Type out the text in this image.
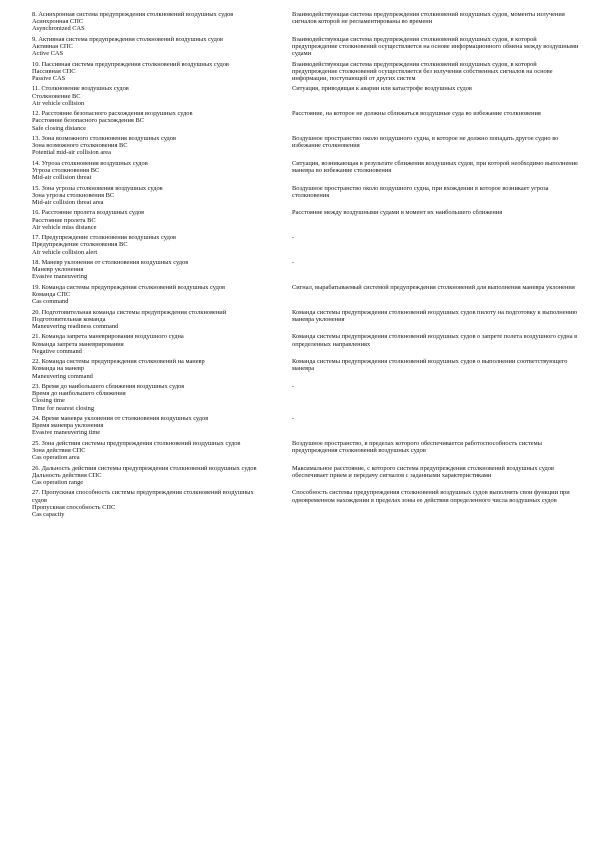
8. Асинхронная система предупреждения столкновений воздушных судов
Асинхронная СПС
Asynchronized CAS
Взаимодействующая система предупреждения столкновений воздушных судов, моменты излучения сигналов которой не регламентированы во времени
9. Активная система предупреждения столкновений воздушных судов
Активная СПС
Active CAS
Взаимодействующая система предупреждения столкновений воздушных судов, в которой предупреждение столкновений осуществляется на основе информационного обмена между воздушными судами
10. Пассивная система предупреждения столкновений воздушных судов
Пассивная СПС
Passive CAS
Взаимодействующая система предупреждения столкновений воздушных судов, в которой предупреждение столкновений осуществляется без излучения собственных сигналов на основе информации, поступающей от других систем
11. Столкновение воздушных судов
Столкновение ВС
Air vehicle collision
Ситуация, приводящая к аварии или катастрофе воздушных судов
12. Расстояние безопасного расхождения воздушных судов
Расстояние безопасного расхождения ВС
Safe closing distance
Расстояние, на которое не должны сближаться воздушные суда во избежание столкновения
13. Зона возможного столкновения воздушных судов
Зона возможного столкновения ВС
Potential mid-air collision area
Воздушное пространство около воздушного судна, в которое не должно попадать другое судно во избежание столкновения
14. Угроза столкновения воздушных судов
Угроза столкновения ВС
Mid-air collision threat
Ситуация, возникающая в результате сближения воздушных судов, при которой необходимо выполнение маневра во избежание столкновения
15. Зона угрозы столкновения воздушных судов
Зона угрозы столкновения ВС
Mid-air collision threat area
Воздушное пространство около воздушного судна, при вхождении в которое возникает угроза столкновения
16. Расстояние пролета воздушных судов
Расстояние пролета ВС
Air vehicle miss distance
Расстояние между воздушными судами в момент их наибольшего сближения
17. Предупреждение столкновения воздушных судов
Предупреждение столкновения ВС
Air vehicle collision alert
-
18. Маневр уклонения от столкновения воздушных судов
Маневр уклонения
Evasive maneuvering
-
19. Команда системы предупреждения столкновений воздушных судов
Команда СПС
Cas command
Сигнал, вырабатываемый системой предупреждения столкновений для выполнения маневра уклонения
20. Подготовительная команда системы предупреждения столкновений
Подготовительная команда
Maneuvering readiness command
Команда системы предупреждения столкновений воздушных судов пилоту на подготовку к выполнению маневра уклонения
21. Команда запрета маневрирования воздушного судна
Команда запрета маневрирования
Negative command
Команда системы предупреждения столкновений воздушных судов о запрете полета воздушного судна в определенных направлениях
22. Команда системы предупреждения столкновений на маневр
Команда на маневр
Maneuvering command
Команда системы предупреждения столкновений воздушных судов о выполнении соответствующего маневра
23. Время до наибольшего сближения воздушных судов
Время до наибольшего сближения
Closing time
Time for nearest closing
-
24. Время маневра уклонения от столкновения воздушных судов
Время маневра уклонения
Evasive maneuvering time
-
25. Зона действия системы предупреждения столкновений воздушных судов
Зона действия СПС
Cas operation area
Воздушное пространство, в пределах которого обеспечивается работоспособность системы предупреждения столкновений воздушных судов
26. Дальность действия системы предупреждения столкновений воздушных судов
Дальность действия СПС
Cas operation range
Максимальное расстояние, с которого система предупреждения столкновений воздушных судов обеспечивает прием и передачу сигналов с заданными характеристиками
27. Пропускная способность системы предупреждения столкновений воздушных судов
Пропускная способность СПС
Cas capacity
Способность системы предупреждения столкновений воздушных судов выполнять свои функции при одновременном нахождении в пределах зоны ее действия определенного числа воздушных судов
